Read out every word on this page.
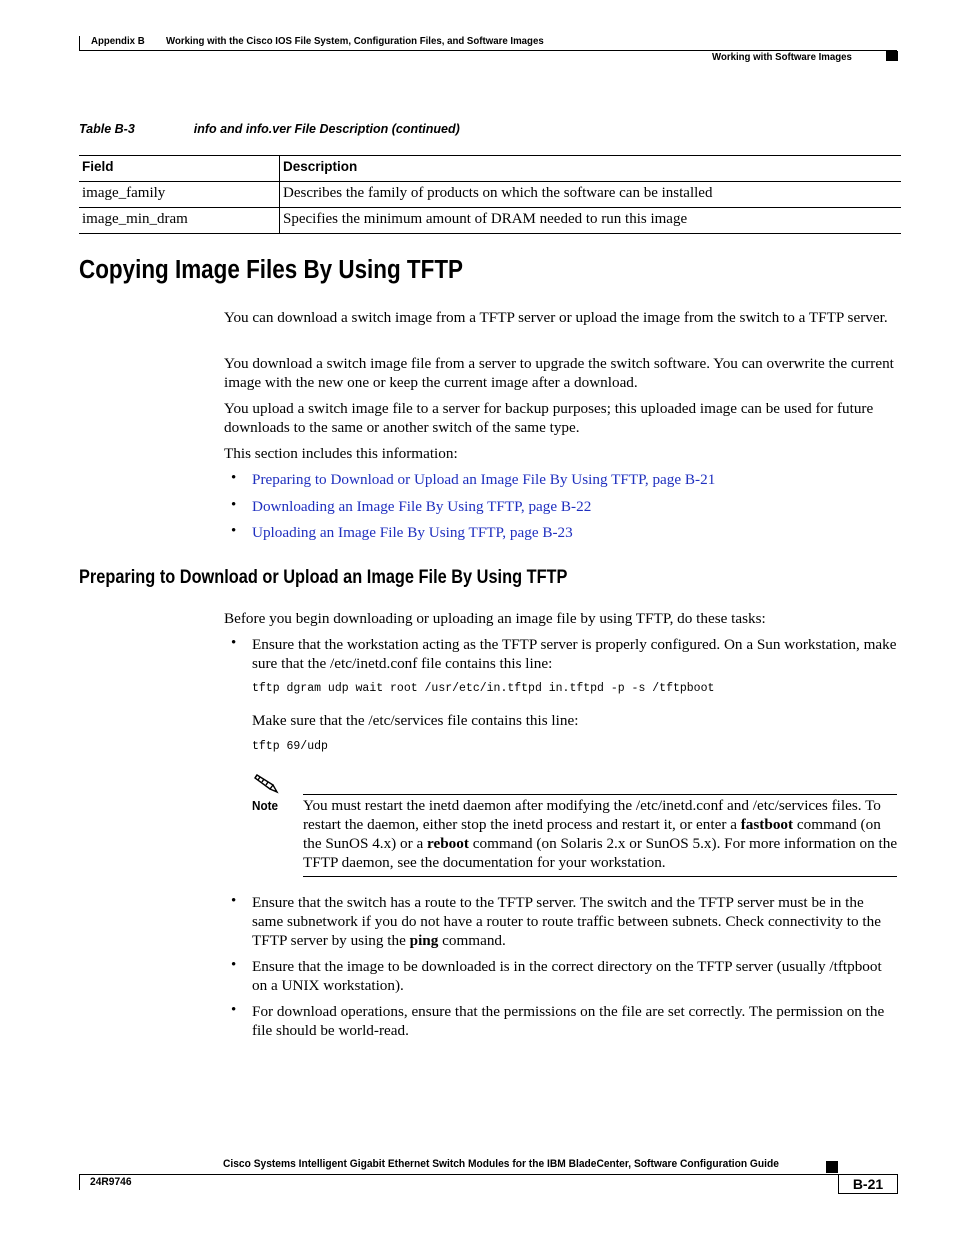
Appendix B Working with the Cisco IOS File System, Configuration Files, and Software Images
Working with Software Images
Table B-3	info and info.ver File Description (continued)
Field	Description
image_family	Describes the family of products on which the software can be installed
image_min_dram	Specifies the minimum amount of DRAM needed to run this image
Copying Image Files By Using TFTP
You can download a switch image from a TFTP server or upload the image from the switch to a TFTP server.
You download a switch image file from a server to upgrade the switch software. You can overwrite the current image with the new one or keep the current image after a download.
You upload a switch image file to a server for backup purposes; this uploaded image can be used for future downloads to the same or another switch of the same type.
This section includes this information:
• Preparing to Download or Upload an Image File By Using TFTP, page B-21
• Downloading an Image File By Using TFTP, page B-22
• Uploading an Image File By Using TFTP, page B-23
Preparing to Download or Upload an Image File By Using TFTP
Before you begin downloading or uploading an image file by using TFTP, do these tasks:
• Ensure that the workstation acting as the TFTP server is properly configured. On a Sun workstation, make sure that the /etc/inetd.conf file contains this line:
tftp dgram udp wait root /usr/etc/in.tftpd in.tftpd -p -s /tftpboot
Make sure that the /etc/services file contains this line:
tftp 69/udp
Note You must restart the inetd daemon after modifying the /etc/inetd.conf and /etc/services files. To restart the daemon, either stop the inetd process and restart it, or enter a fastboot command (on the SunOS 4.x) or a reboot command (on Solaris 2.x or SunOS 5.x). For more information on the TFTP daemon, see the documentation for your workstation.
• Ensure that the switch has a route to the TFTP server. The switch and the TFTP server must be in the same subnetwork if you do not have a router to route traffic between subnets. Check connectivity to the TFTP server by using the ping command.
• Ensure that the image to be downloaded is in the correct directory on the TFTP server (usually /tftpboot on a UNIX workstation).
• For download operations, ensure that the permissions on the file are set correctly. The permission on the file should be world-read.
Cisco Systems Intelligent Gigabit Ethernet Switch Modules for the IBM BladeCenter, Software Configuration Guide
24R9746	B-21
